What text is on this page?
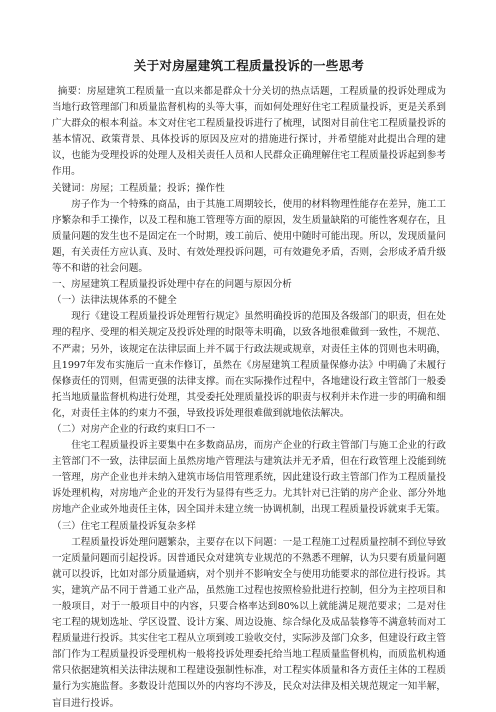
关于对房屋建筑工程质量投诉的一些思考

摘要：房屋建筑工程质量一直以来都是群众十分关切的热点话题，工程质量的投诉处理成为当地行政管理部门和质量监督机构的头等大事，而如何处理好住宅工程质量投诉，更是关系到广大群众的根本利益。本文对住宅工程质量投诉进行了梳理，试图对目前住宅工程质量投诉的基本情况、政策背景、具体投诉的原因及应对的措施进行探讨，并希望能对此提出合理的建议，也能为受理投诉的处理人及相关责任人员和人民群众正确理解住宅工程质量投诉起到参考作用。

关键词：房屋；工程质量；投诉；操作性

房子作为一个特殊的商品，由于其施工周期较长，使用的材料物理性能存在差异，施工工序繁杂和手工操作，以及工程和施工管理等方面的原因，发生质量缺陷的可能性客观存在，且质量问题的发生也不是固定在一个时期，竣工前后、使用中随时可能出现。所以，发现质量问题，有关责任方应认真、及时、有效处理投诉问题，可有效避免矛盾，否则，会形成矛盾升级等不和谐的社会问题。

一、房屋建筑工程质量投诉处理中存在的问题与原因分析

（一）法律法规体系的不健全

现行《建设工程质量投诉处理暂行规定》虽然明确投诉的范围及各级部门的职责，但在处理的程序、受理的相关规定及投诉处理的时限等未明确，以致各地很难做到一致性，不规范、不严肃；另外，该规定在法律层面上并不属于行政法规或规章，对责任主体的罚则也未明确，且1997年发布实施后一直未作修订，虽然在《房屋建筑工程质量保修办法》中明确了未履行保修责任的罚则，但需更强的法律支撑。而在实际操作过程中，各地建设行政主管部门一般委托当地质量监督机构进行处理，其受委托处理质量投诉的职责与权利并未作进一步的明确和细化，对责任主体的约束力不强，导致投诉处理很难做到就地依法解决。

（二）对房产企业的行政约束归口不一

住宅工程质量投诉主要集中在多数商品房，而房产企业的行政主管部门与施工企业的行政主管部门不一致，法律层面上虽然房地产管理法与建筑法并无矛盾，但在行政管理上没能到统一管理，房产企业也并未纳入建筑市场信用管理系统，因此建设行政主管部门作为工程质量投诉处理机构，对房地产企业的开发行为显得有些乏力。尤其针对已注销的房产企业、部分外地房地产企业或外地责任主体，因全国并未建立统一协调机制，出现工程质量投诉就束手无策。

（三）住宅工程质量投诉复杂多样

工程质量投诉处理问题繁杂，主要存在以下问题：一是工程施工过程质量控制不到位导致一定质量问题而引起投诉。因普通民众对建筑专业规范的不熟悉不理解，认为只要有质量问题就可以投诉，比如对部分质量通病，对个别并不影响安全与使用功能要求的部位进行投诉。其实，建筑产品不同于普通工业产品，虽然施工过程也按照检验批进行控制，但分为主控项目和一般项目，对于一般项目中的内容，只要合格率达到80%以上就能满足规范要求；二是对住宅工程的规划选址、学区设置、设计方案、周边设施、综合绿化及成品装修等不满意转而对工程质量进行投诉。其实住宅工程从立项到竣工验收交付，实际涉及部门众多，但建设行政主管部门作为工程质量投诉受理机构一般将投诉处理委托给当地工程质量监督机构，而质监机构通常只依据建筑相关法律法规和工程建设强制性标准，对工程实体质量和各方责任主体的工程质量行为实施监督。多数设计范围以外的内容均不涉及，民众对法律及相关规范规定一知半解，盲目进行投诉。
